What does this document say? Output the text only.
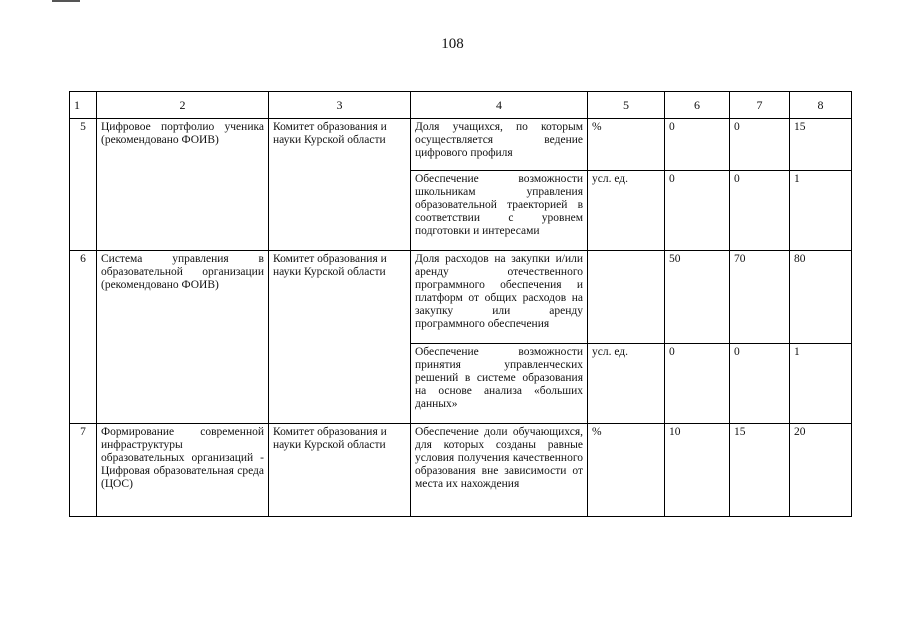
108
1	2	3	4	5	6	7	8
5	Цифровое портфолио ученика (рекомендовано ФОИВ)	Комитет образования и науки Курской области	Доля учащихся, по которым осуществляется ведение цифрового профиля	%	0	0	15
			Обеспечение возможности школьникам управления образовательной траекторией в соответствии с уровнем подготовки и интересами	усл. ед.	0	0	1
6	Система управления в образовательной организации (рекомендовано ФОИВ)	Комитет образования и науки Курской области	Доля расходов на закупки и/или аренду отечественного программного обеспечения и платформ от общих расходов на закупку или аренду программного обеспечения		50	70	80
			Обеспечение возможности принятия управленческих решений в системе образования на основе анализа «больших данных»	усл. ед.	0	0	1
7	Формирование современной инфраструктуры образовательных организаций - Цифровая образовательная среда (ЦОС)	Комитет образования и науки Курской области	Обеспечение доли обучающихся, для которых созданы равные условия получения качественного образования вне зависимости от места их нахождения	%	10	15	20
